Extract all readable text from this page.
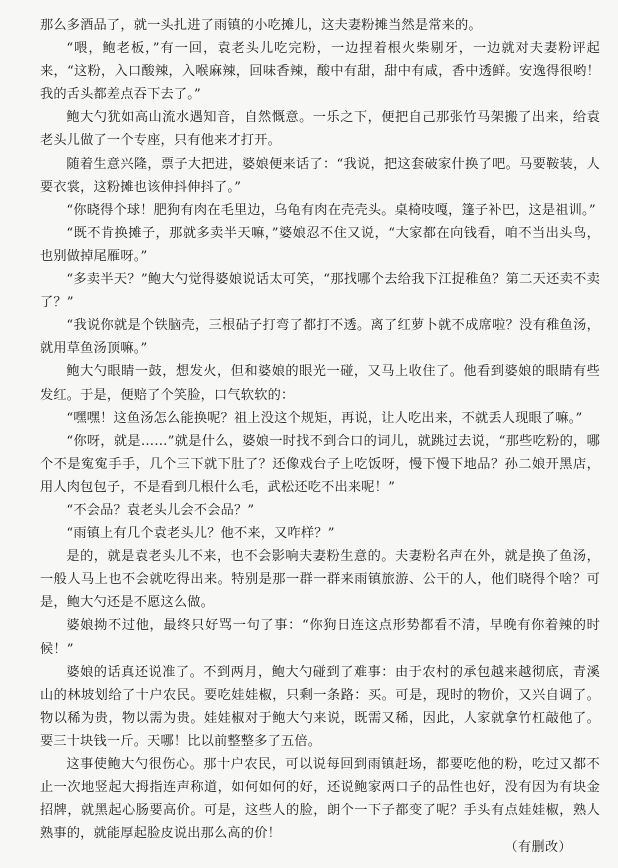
那么多酒品了，就一头扎进了雨镇的小吃摊儿，这夫妻粉摊当然是常来的。

“喂，鲍老板，”有一回，袁老头儿吃完粉，一边捏着根火柴剔牙，一边就对夫妻粉评起来，“这粉，入口酸辣，入喉麻辣，回味香辣，酸中有甜，甜中有咸，香中透鲜。安逸得很哟！我的舌头都差点吞下去了。”

鲍大勺犹如高山流水遇知音，自然慨意。一乐之下，便把自己那张竹马架搬了出来，给袁老头儿做了一个专座，只有他来才打开。

随着生意兴隆，票子大把进，婆娘便来话了：“我说，把这套破家什换了吧。马要鞍装，人要衣裳，这粉摊也该伸抖伸抖了。”

“你晓得个球！肥狗有肉在毛里边，乌龟有肉在壳壳头。桌椅吱嘎，篷子补巴，这是祖训。”

“既不肯换摊子，那就多卖半天嘛，”婆娘忍不住又说，“大家都在向钱看，咱不当出头鸟，也别做掉尾雁呀。”

“多卖半天？”鲍大勺觉得婆娘说话太可笑，“那找哪个去给我下江捉稚鱼？第二天还卖不卖了？”

“我说你就是个铁脑壳，三根砧子打弯了都打不透。离了红萝卜就不成席啦？没有稚鱼汤，就用草鱼汤顶嘛。”

鲍大勺眼睛一鼓，想发火，但和婆娘的眼光一碰，又马上收住了。他看到婆娘的眼睛有些发红。于是，便赔了个笑脸，口气软软的：

“嘿嘿！这鱼汤怎么能换呢？祖上没这个规矩，再说，让人吃出来，不就丢人现眼了嘛。”

“你呀，就是……”就是什么，婆娘一时找不到合口的词儿，就跳过去说，“那些吃粉的，哪个不是寃寃手手，几个三下就下肚了？还像戏台子上吃饭呀，慢下慢下地品？孙二娘开黑店，用人肉包包子，不是看到几根什么毛，武松还吃不出来呢！”

“不会品？袁老头儿会不会品？”

“雨镇上有几个袁老头儿？他不来，又咋样？”

是的，就是袁老头儿不来，也不会影响夫妻粉生意的。夫妻粉名声在外，就是换了鱼汤，一般人马上也不会就吃得出来。特别是那一群一群来雨镇旅游、公干的人，他们晓得个啥？可是，鲍大勺还是不愿这么做。

婆娘拗不过他，最终只好骂一句了事：“你狗日连这点形势都看不清，早晚有你着辣的时候！”

婆娘的话真还说准了。不到两月，鲍大勺碰到了难事：由于农村的承包越来越彻底，青溪山的林坡划给了十户农民。要吃娃娃椒，只剩一条路：买。可是，现时的物价，又兴自调了。物以稀为贵，物以需为贵。娃娃椒对于鲍大勺来说，既需又稀，因此，人家就拿竹杠敲他了。要三十块钱一斤。天哪！比以前整整多了五倍。

这事使鲍大勺很伤心。那十户农民，可以说每回到雨镇赶场，都要吃他的粉，吃过又都不止一次地竖起大拇指连声称道，如何如何的好，还说鲍家两口子的品性也好，没有因为有块金招牌，就黑起心肠要高价。可是，这些人的脸，朗个一下子都变了呢？手头有点娃娃椒，熟人熟事的，就能厚起脸皮说出那么高的价！

（有删改）
